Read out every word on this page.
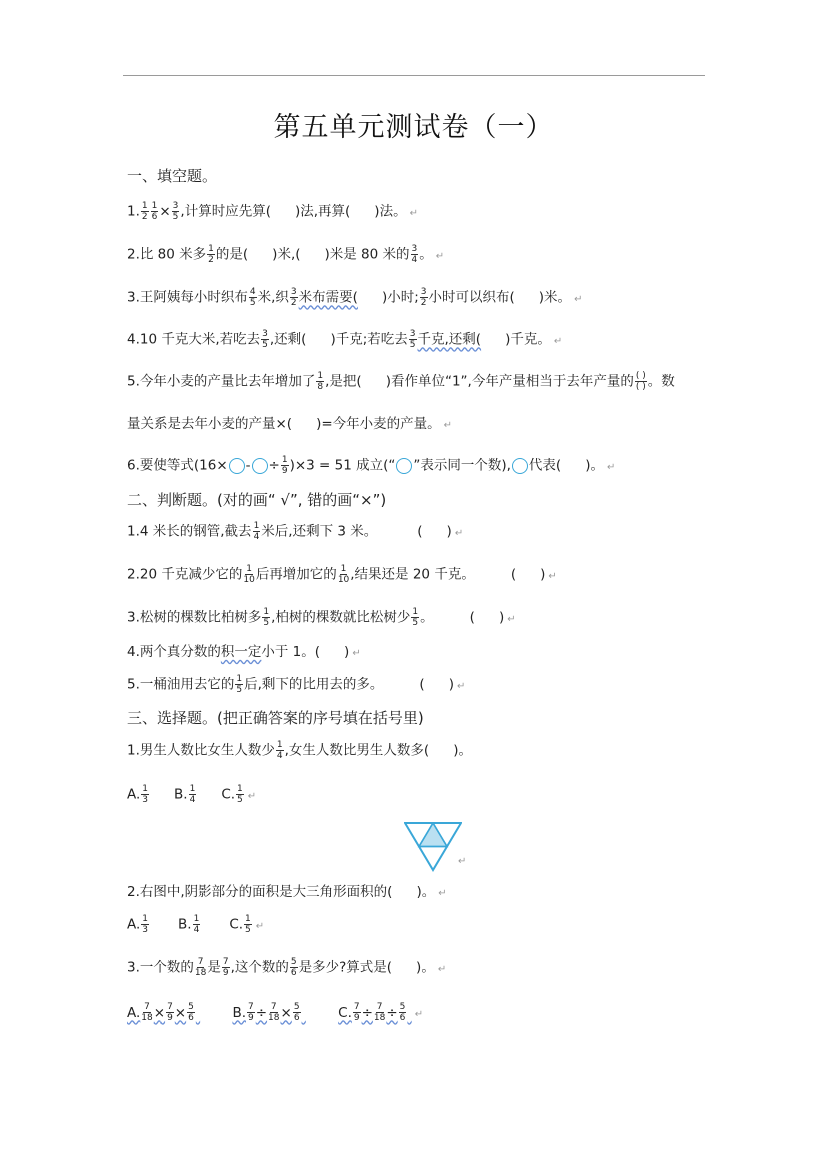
第五单元测试卷（一）
一、填空题。
1. $\frac{1}{2} \frac{1}{6} \times \frac{3}{5}$ ,计算时应先算( )法,再算( )法。 ↵
2.比 80 米多 $\frac{1}{2}$ 的是( )米,( )米是 80 米的 $\frac{3}{4}$ 。 ↵
3.王阿姨每小时织布 $\frac{4}{5}$ 米,织 $\frac{3}{2}$ 米布需要( )小时; $\frac{3}{2}$ 小时可以织布( )米。 ↵
4.10 千克大米,若吃去 $\frac{3}{5}$ ,还剩( )千克;若吃去 $\frac{3}{5}$ 千克,还剩( )千克。 ↵
5.今年小麦的产量比去年增加了 $\frac{1}{8}$ ,是把( )看作单位“1”,今年产量相当于去年产量的 $\frac{( )}{( )}$ 。数
量关系是去年小麦的产量×( )=今年小麦的产量。 ↵
6.要使等式(16× - ÷ $\frac{1}{9} )\times 3 = 51$ 成立(“ ”表示同一个数), 代表( )。 ↵
二、判断题。(对的画“ √”, 错的画“×”)
1.4 米长的钢管,截去 $\frac{1}{4}$ 米后,还剩下 3 米。	( ) ↵
2.20 千克减少它的 $\frac{1}{10}$ 后再增加它的 $\frac{1}{10}$ ,结果还是 20 千克。	( ) ↵
3.松树的棵数比柏树多 $\frac{1}{5}$ ,柏树的棵数就比松树少 $\frac{1}{5}$ 。	( ) ↵
4.两个真分数的积一定小于 1。( ) ↵
5.一桶油用去它的 $\frac{1}{5}$ 后,剩下的比用去的多。	( ) ↵
三、选择题。(把正确答案的序号填在括号里)
1.男生人数比女生人数少 $\frac{1}{4}$ ,女生人数比男生人数多( )。
A. $\frac{1}{3} B$. $\frac{1}{4} C$. $\frac{1}{5}$ ↵
↵
2.右图中,阴影部分的面积是大三角形面积的( )。 ↵
A. $\frac{1}{3} B$. $\frac{1}{4} C$. $\frac{1}{5}$ ↵
3.一个数的 $\frac{7}{18}$ 是 $\frac{7}{9}$ ,这个数的 $\frac{5}{6}$ 是多少?算式是( )。 ↵
A. $\frac{7}{18} \times \frac{7}{9} \times \frac{5}{6}$	B. $\frac{7}{9} \div \frac{7}{18} \times \frac{5}{6}$	C. $\frac{7}{9} \div \frac{7}{18} \div \frac{5}{6}$ ↵
